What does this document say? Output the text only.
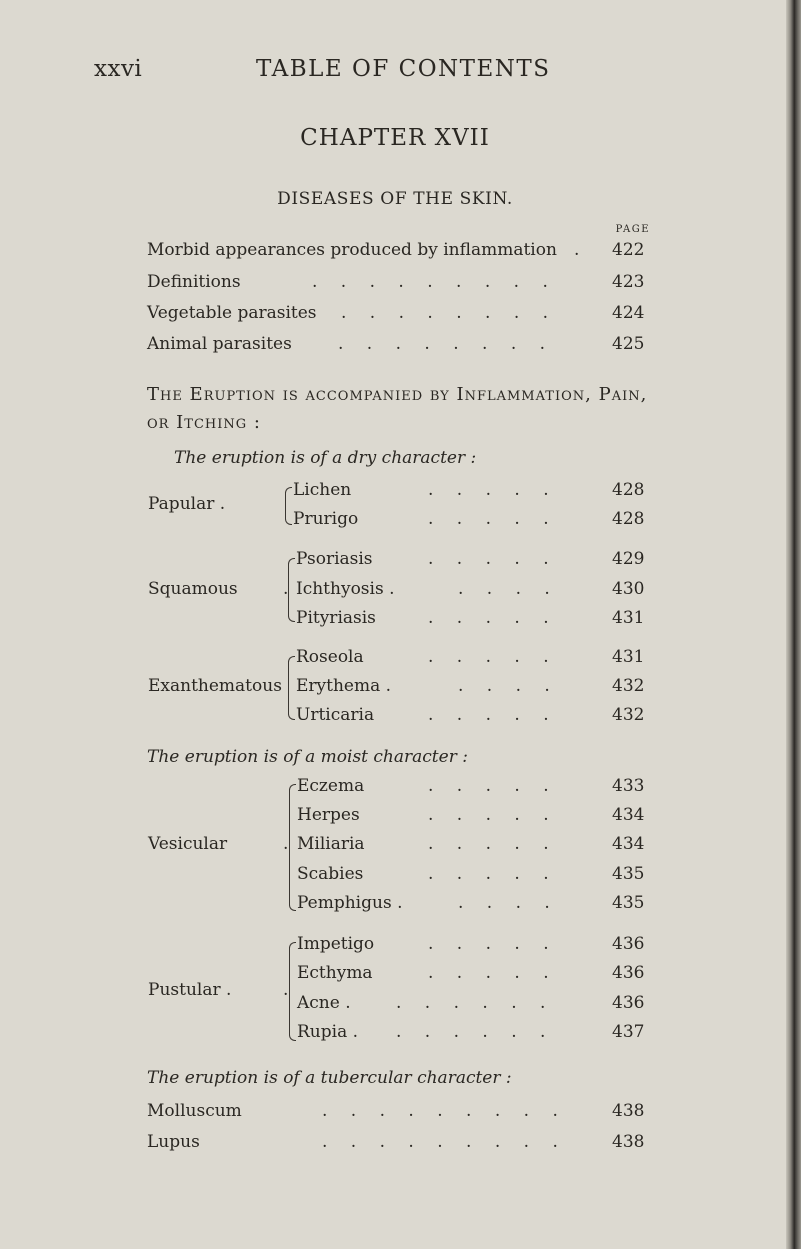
xxvi	TABLE OF CONTENTS
CHAPTER XVII
DISEASES OF THE SKIN.
PAGE
Morbid appearances produced by inflammation . 422
Definitions	. . . . . . . . .	423
Vegetable parasites . . . . . . . .	424
Animal parasites	. . . . . . . .	425
The Eruption is accompanied by Inflammation, Pain,
or Itching :
The eruption is of a dry character :
Papular .
Lichen	. . . . .	428
Prurigo	. . . . .	428
Squamous	.
Psoriasis	. . . . .	429
Ichthyosis .	. . . .	430
Pityriasis	. . . . .	431
Exanthematous
Roseola	. . . . .	431
Erythema .	. . . .	432
Urticaria	. . . . .	432
The eruption is of a moist character :
Vesicular	.
Eczema	. . . . .	433
Herpes	. . . . .	434
Miliaria	. . . . .	434
Scabies	. . . . .	435
Pemphigus .	. . . .	435
Pustular .	.
Impetigo	. . . . .	436
Ecthyma	. . . . .	436
Acne .	. . . . . .	436
Rupia . . . . . . .	437
The eruption is of a tubercular character :
Molluscum	. . . . . . . . .	438
Lupus	. . . . . . . . .	438
